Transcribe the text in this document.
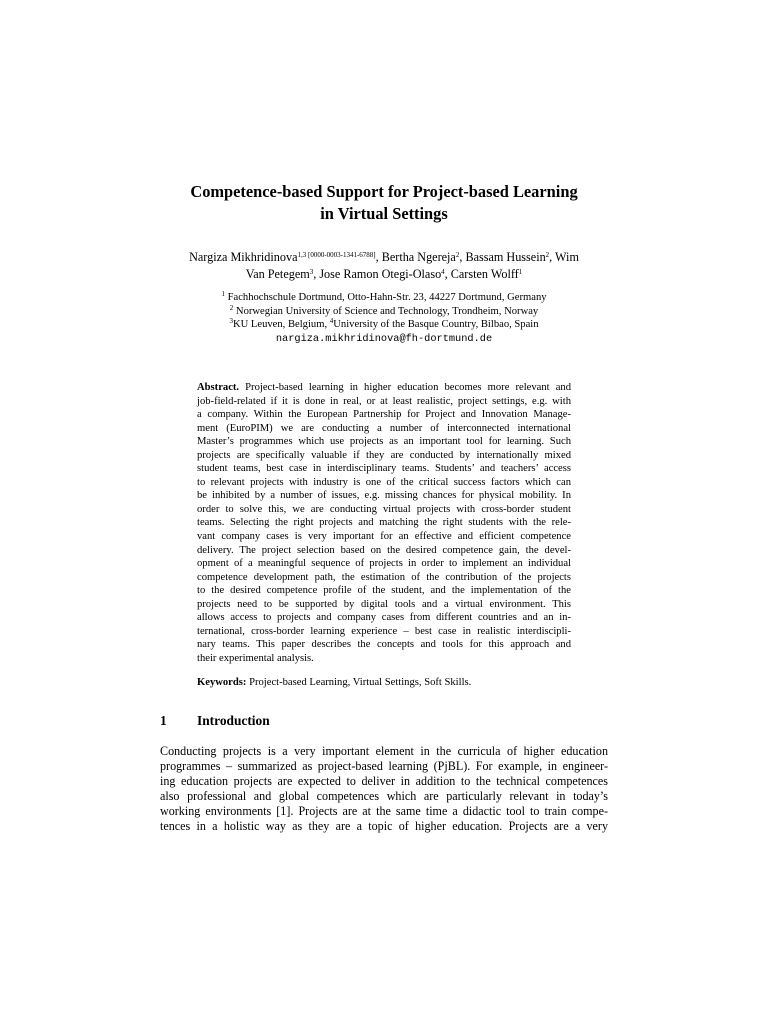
Competence-based Support for Project-based Learning
in Virtual Settings
Nargiza Mikhridinova$^{1,3 [0000-0003-1341-6788]}$, Bertha Ngereja$^2$, Bassam Hussein$^2$, Wim
Van Petegem$^3$, Jose Ramon Otegi-Olaso$^4$, Carsten Wolff$^1$
$^1$ Fachhochschule Dortmund, Otto-Hahn-Str. 23, 44227 Dortmund, Germany
$^2$ Norwegian University of Science and Technology, Trondheim, Norway
$^3$KU Leuven, Belgium, $^4$University of the Basque Country, Bilbao, Spain
nargiza.mikhridinova@fh-dortmund.de
Abstract. Project-based learning in higher education becomes more relevant and
job-field-related if it is done in real, or at least realistic, project settings, e.g. with
a company. Within the European Partnership for Project and Innovation Manage-
ment (EuroPIM) we are conducting a number of interconnected international
Master’s programmes which use projects as an important tool for learning. Such
projects are specifically valuable if they are conducted by internationally mixed
student teams, best case in interdisciplinary teams. Students’ and teachers’ access
to relevant projects with industry is one of the critical success factors which can
be inhibited by a number of issues, e.g. missing chances for physical mobility. In
order to solve this, we are conducting virtual projects with cross-border student
teams. Selecting the right projects and matching the right students with the rele-
vant company cases is very important for an effective and efficient competence
delivery. The project selection based on the desired competence gain, the devel-
opment of a meaningful sequence of projects in order to implement an individual
competence development path, the estimation of the contribution of the projects
to the desired competence profile of the student, and the implementation of the
projects need to be supported by digital tools and a virtual environment. This
allows access to projects and company cases from different countries and an in-
ternational, cross-border learning experience – best case in realistic interdiscipli-
nary teams. This paper describes the concepts and tools for this approach and
their experimental analysis.
Keywords: Project-based Learning, Virtual Settings, Soft Skills.
1 Introduction
Conducting projects is a very important element in the curricula of higher education
programmes – summarized as project-based learning (PjBL). For example, in engineer-
ing education projects are expected to deliver in addition to the technical competences
also professional and global competences which are particularly relevant in today’s
working environments [1]. Projects are at the same time a didactic tool to train compe-
tences in a holistic way as they are a topic of higher education. Projects are a very
